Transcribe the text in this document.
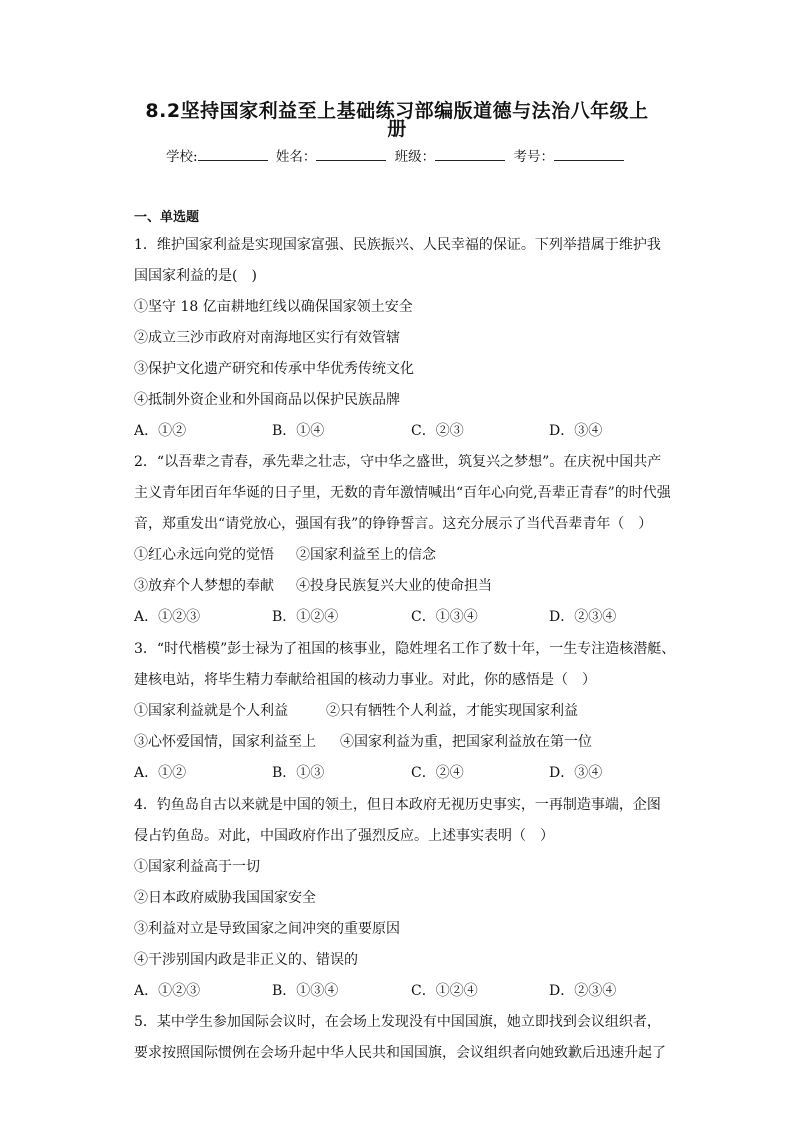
8.2坚持国家利益至上基础练习部编版道德与法治八年级上
册
学校:	姓名：	班级：	考号：
一、单选题
1．维护国家利益是实现国家富强、民族振兴、人民幸福的保证。下列举措属于维护我
国国家利益的是(　)
①坚守 18 亿亩耕地红线以确保国家领土安全
②成立三沙市政府对南海地区实行有效管辖
③保护文化遗产研究和传承中华优秀传统文化
④抵制外资企业和外国商品以保护民族品牌
A．①②	B．①④	C．②③	D．③④
2．“以吾辈之青春，承先辈之壮志，守中华之盛世，筑复兴之梦想”。在庆祝中国共产
主义青年团百年华诞的日子里，无数的青年激情喊出“百年心向党,吾辈正青春”的时代强
音，郑重发出“请党放心，强国有我”的铮铮誓言。这充分展示了当代吾辈青年（　）
①红心永远向党的觉悟 ②国家利益至上的信念
③放弃个人梦想的奉献 ④投身民族复兴大业的使命担当
A．①②③	B．①②④	C．①③④	D．②③④
3．“时代楷模”彭士禄为了祖国的核事业，隐姓埋名工作了数十年，一生专注造核潜艇、
建核电站，将毕生精力奉献给祖国的核动力事业。对此，你的感悟是（　）
①国家利益就是个人利益	②只有牺牲个人利益，才能实现国家利益
③心怀爱国情，国家利益至上 ④国家利益为重，把国家利益放在第一位
A．①②	B．①③	C．②④	D．③④
4．钓鱼岛自古以来就是中国的领土，但日本政府无视历史事实，一再制造事端，企图
侵占钓鱼岛。对此，中国政府作出了强烈反应。上述事实表明（　）
①国家利益高于一切
②日本政府威胁我国国家安全
③利益对立是导致国家之间冲突的重要原因
④干涉别国内政是非正义的、错误的
A．①②③	B．①③④	C．①②④	D．②③④
5．某中学生参加国际会议时，在会场上发现没有中国国旗，她立即找到会议组织者，
要求按照国际惯例在会场升起中华人民共和国国旗，会议组织者向她致歉后迅速升起了
